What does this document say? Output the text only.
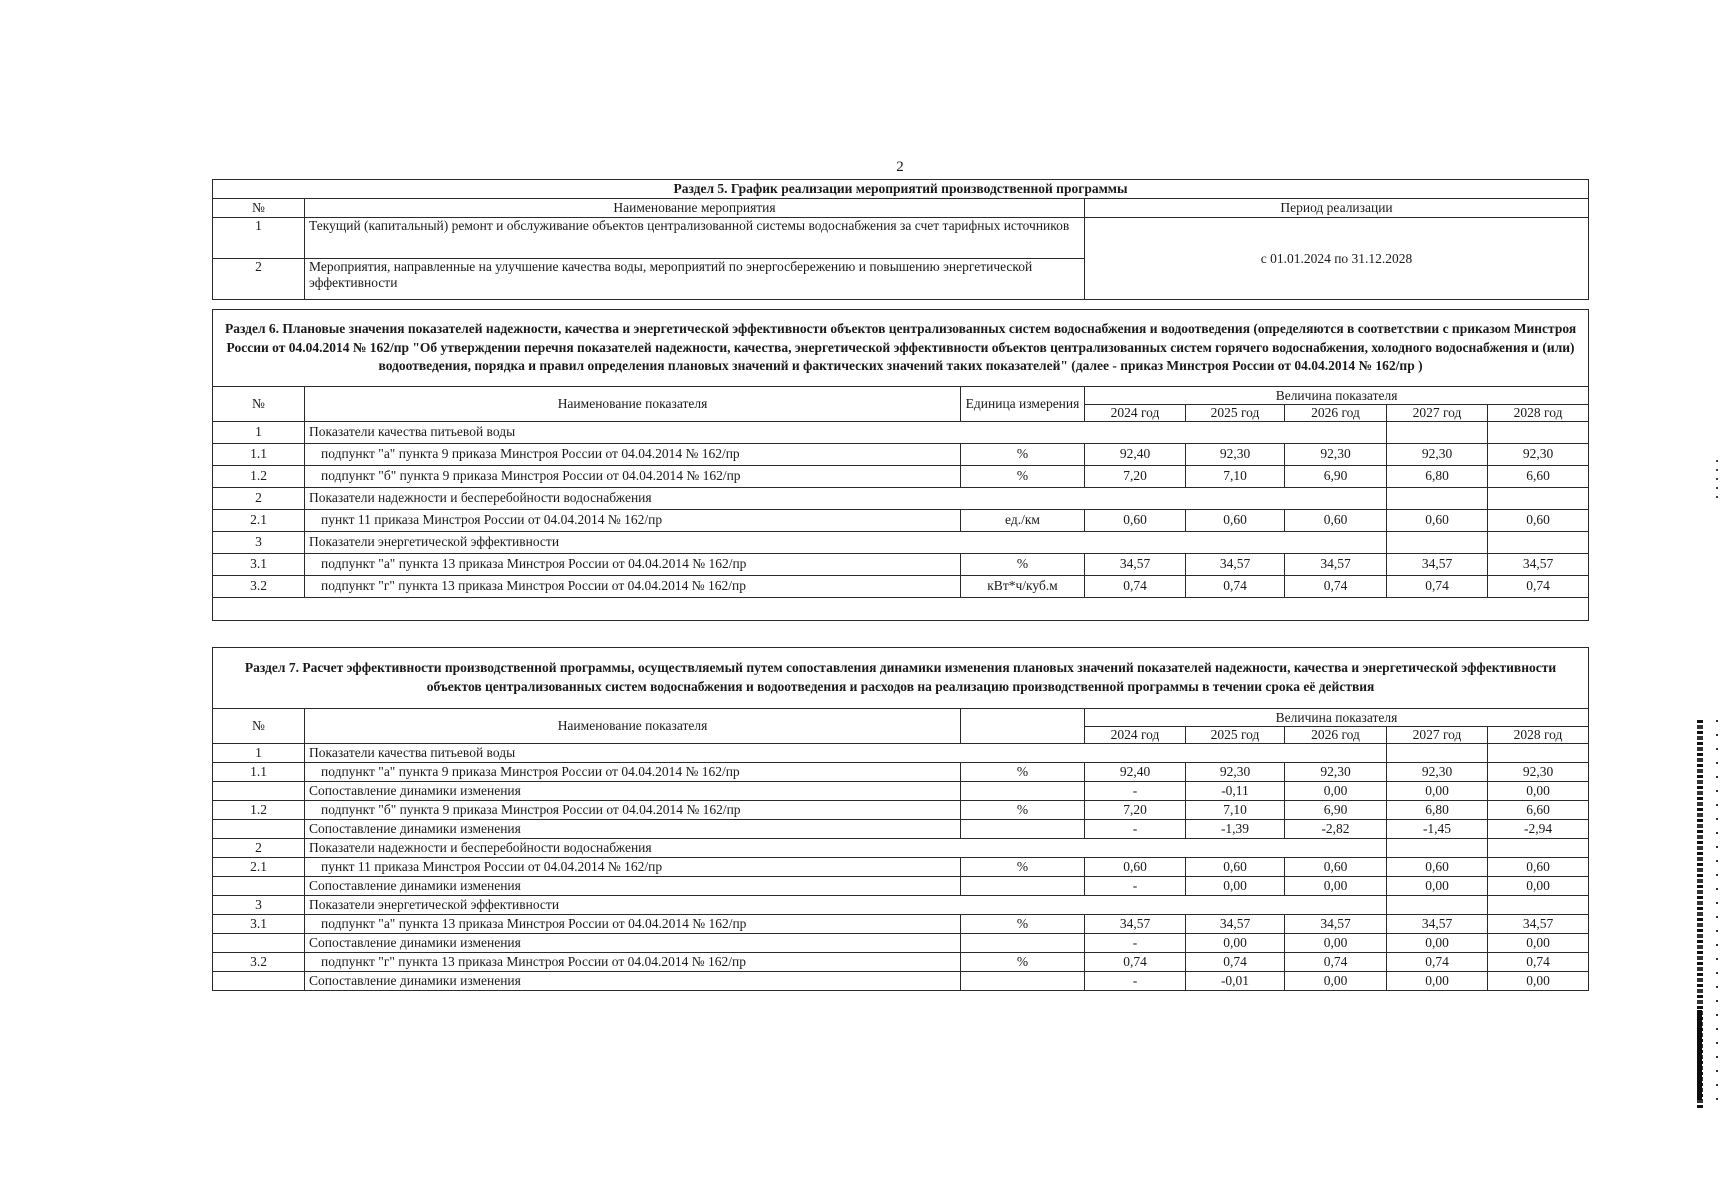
2
Раздел 5. График реализации мероприятий производственной программы		
№	Наименование мероприятия	Период реализации
1	Текущий (капитальный) ремонт и обслуживание объектов централизованной системы водоснабжения за счет тарифных источников	с 01.01.2024 по 31.12.2028
2	Мероприятия, направленные на улучшение качества воды, мероприятий по энергосбережению и повышению энергетической эффективности	
Раздел 6. Плановые значения показателей надежности, качества и энергетической эффективности объектов централизованных систем водоснабжения и водоотведения (определяются в соответствии с приказом Минстроя России от 04.04.2014 № 162/пр "Об утверждении перечня показателей надежности, качества, энергетической эффективности объектов централизованных систем горячего водоснабжения, холодного водоснабжения и (или) водоотведения, порядка и правил определения плановых значений и фактических значений таких показателей" (далее - приказ Минстроя России от 04.04.2014 № 162/пр )							
№	Наименование показателя	Единица измерения	Величина показателя				
			2024 год	2025 год	2026 год	2027 год	2028 год
1	Показатели качества питьевой воды						
1.1	подпункт "а" пункта 9 приказа Минстроя России от 04.04.2014 № 162/пр	%	92,40	92,30	92,30	92,30	92,30
1.2	подпункт "б" пункта 9 приказа Минстроя России от 04.04.2014 № 162/пр	%	7,20	7,10	6,90	6,80	6,60
2	Показатели надежности и бесперебойности водоснабжения						
2.1	пункт 11 приказа Минстроя России от 04.04.2014 № 162/пр	ед./км	0,60	0,60	0,60	0,60	0,60
3	Показатели энергетической эффективности						
3.1	подпункт "а" пункта 13 приказа Минстроя России от 04.04.2014 № 162/пр	%	34,57	34,57	34,57	34,57	34,57
3.2	подпункт "г" пункта 13 приказа Минстроя России от 04.04.2014 № 162/пр	кВт*ч/куб.м	0,74	0,74	0,74	0,74	0,74

Раздел 7. Расчет эффективности производственной программы, осуществляемый путем сопоставления динамики изменения плановых значений показателей надежности, качества и энергетической эффективности объектов централизованных систем водоснабжения и водоотведения и расходов на реализацию производственной программы в течении срока её действия							
№	Наименование показателя		Величина показателя				
			2024 год	2025 год	2026 год	2027 год	2028 год
1	Показатели качества питьевой воды						
1.1	подпункт "а" пункта 9 приказа Минстроя России от 04.04.2014 № 162/пр	%	92,40	92,30	92,30	92,30	92,30
	Сопоставление динамики изменения		-	-0,11	0,00	0,00	0,00
1.2	подпункт "б" пункта 9 приказа Минстроя России от 04.04.2014 № 162/пр	%	7,20	7,10	6,90	6,80	6,60
	Сопоставление динамики изменения		-	-1,39	-2,82	-1,45	-2,94
2	Показатели надежности и бесперебойности водоснабжения						
2.1	пункт 11 приказа Минстроя России от 04.04.2014 № 162/пр	%	0,60	0,60	0,60	0,60	0,60
	Сопоставление динамики изменения		-	0,00	0,00	0,00	0,00
3	Показатели энергетической эффективности						
3.1	подпункт "а" пункта 13 приказа Минстроя России от 04.04.2014 № 162/пр	%	34,57	34,57	34,57	34,57	34,57
	Сопоставление динамики изменения		-	0,00	0,00	0,00	0,00
3.2	подпункт "г" пункта 13 приказа Минстроя России от 04.04.2014 № 162/пр	%	0,74	0,74	0,74	0,74	0,74
	Сопоставление динамики изменения		-	-0,01	0,00	0,00	0,00
